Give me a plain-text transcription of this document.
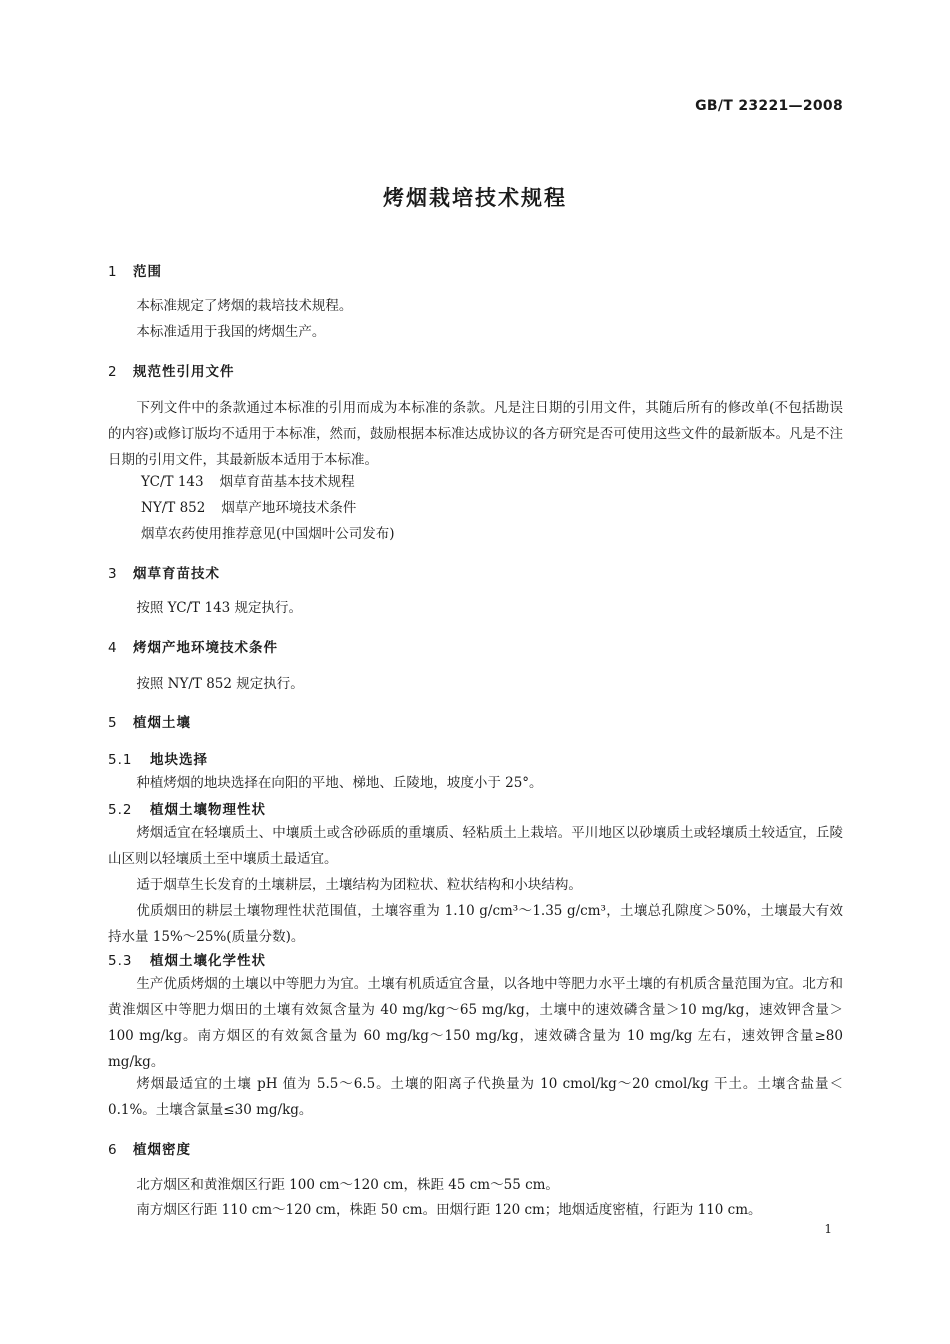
GB/T 23221—2008
烤烟栽培技术规程
1 范围
本标准规定了烤烟的栽培技术规程。
本标准适用于我国的烤烟生产。
2 规范性引用文件
下列文件中的条款通过本标准的引用而成为本标准的条款。凡是注日期的引用文件，其随后所有的修改单(不包括勘误的内容)或修订版均不适用于本标准，然而，鼓励根据本标准达成协议的各方研究是否可使用这些文件的最新版本。凡是不注日期的引用文件，其最新版本适用于本标准。
YC/T 143 烟草育苗基本技术规程
NY/T 852 烟草产地环境技术条件
烟草农药使用推荐意见(中国烟叶公司发布)
3 烟草育苗技术
按照 YC/T 143 规定执行。
4 烤烟产地环境技术条件
按照 NY/T 852 规定执行。
5 植烟土壤
5.1 地块选择
种植烤烟的地块选择在向阳的平地、梯地、丘陵地，坡度小于 25°。
5.2 植烟土壤物理性状
烤烟适宜在轻壤质土、中壤质土或含砂砾质的重壤质、轻粘质土上栽培。平川地区以砂壤质土或轻壤质土较适宜，丘陵山区则以轻壤质土至中壤质土最适宜。
适于烟草生长发育的土壤耕层，土壤结构为团粒状、粒状结构和小块结构。
优质烟田的耕层土壤物理性状范围值，土壤容重为 1.10 g/cm³～1.35 g/cm³，土壤总孔隙度＞50%，土壤最大有效持水量 15%～25%(质量分数)。
5.3 植烟土壤化学性状
生产优质烤烟的土壤以中等肥力为宜。土壤有机质适宜含量，以各地中等肥力水平土壤的有机质含量范围为宜。北方和黄淮烟区中等肥力烟田的土壤有效氮含量为 40 mg/kg～65 mg/kg，土壤中的速效磷含量＞10 mg/kg，速效钾含量＞100 mg/kg。南方烟区的有效氮含量为 60 mg/kg～150 mg/kg，速效磷含量为 10 mg/kg 左右，速效钾含量≥80 mg/kg。
烤烟最适宜的土壤 pH 值为 5.5～6.5。土壤的阳离子代换量为 10 cmol/kg～20 cmol/kg 干土。土壤含盐量＜0.1%。土壤含氯量≤30 mg/kg。
6 植烟密度
北方烟区和黄淮烟区行距 100 cm～120 cm，株距 45 cm～55 cm。
南方烟区行距 110 cm～120 cm，株距 50 cm。田烟行距 120 cm；地烟适度密植，行距为 110 cm。
1
